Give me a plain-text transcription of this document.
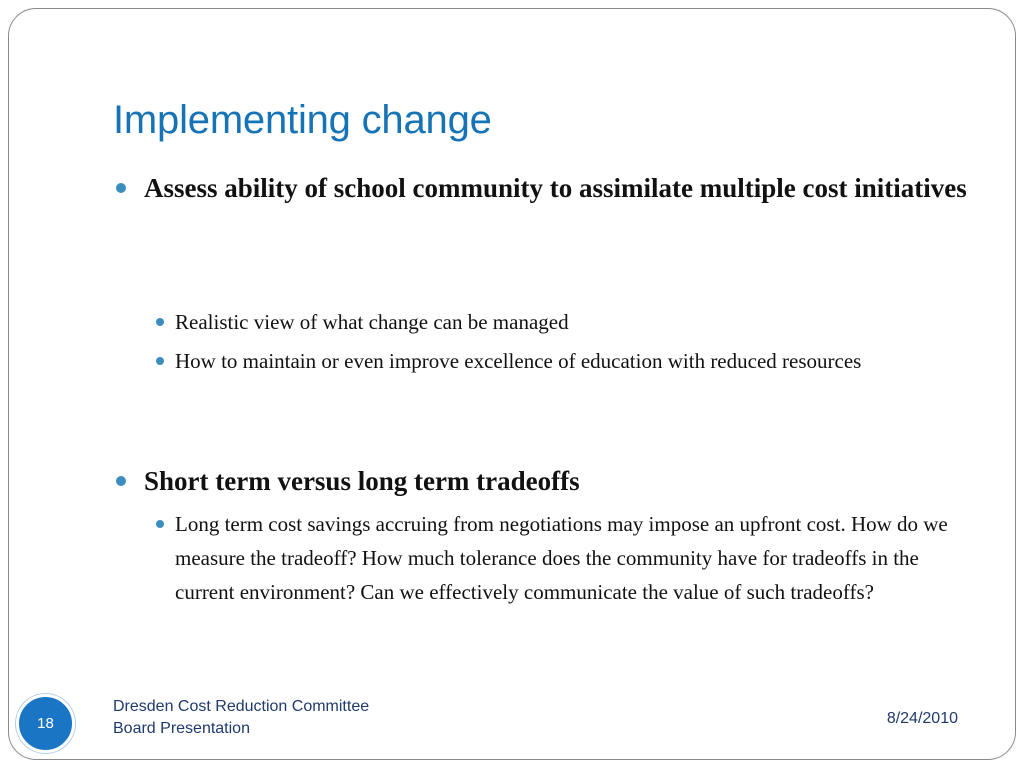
Implementing change
Assess ability of school community to assimilate multiple cost initiatives
Realistic view of what change can be managed
How to maintain or even improve excellence of education with reduced resources
Short term versus long term tradeoffs
Long term cost savings accruing from negotiations may impose an upfront cost. How do we measure the tradeoff? How much tolerance does the community have for tradeoffs in the current environment? Can we effectively communicate the value of such tradeoffs?
18
Dresden Cost Reduction Committee
Board Presentation
8/24/2010
